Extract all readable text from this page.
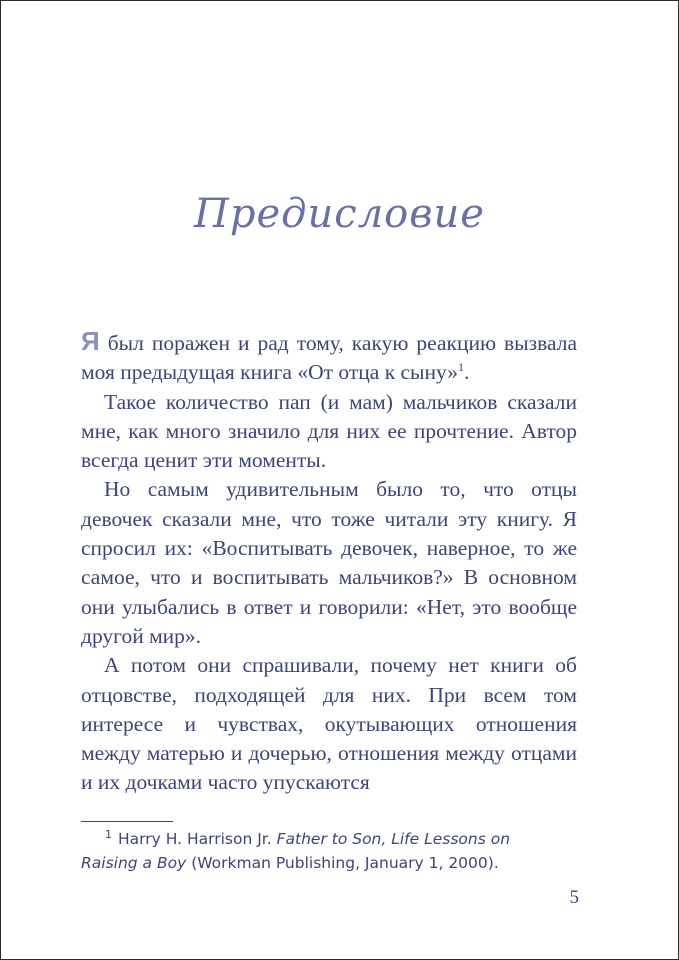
Предисловие

Я был поражен и рад тому, какую реакцию вызвала моя предыдущая книга «От отца к сыну»$^1$.

Такое количество пап (и мам) мальчиков сказали мне, как много значило для них ее прочтение. Автор всегда ценит эти моменты.

Но самым удивительным было то, что отцы девочек сказали мне, что тоже читали эту книгу. Я спросил их: «Воспитывать девочек, наверное, то же самое, что и воспитывать мальчиков?» В основном они улыбались в ответ и говорили: «Нет, это вообще другой мир».

А потом они спрашивали, почему нет книги об отцовстве, подходящей для них. При всем том интересе и чувствах, окутывающих отношения между матерью и дочерью, отношения между отцами и их дочками часто упускаются

$^1$ Harry H. Harrison Jr. Father to Son, Life Lessons on
Raising a Boy (Workman Publishing, January 1, 2000).
5
